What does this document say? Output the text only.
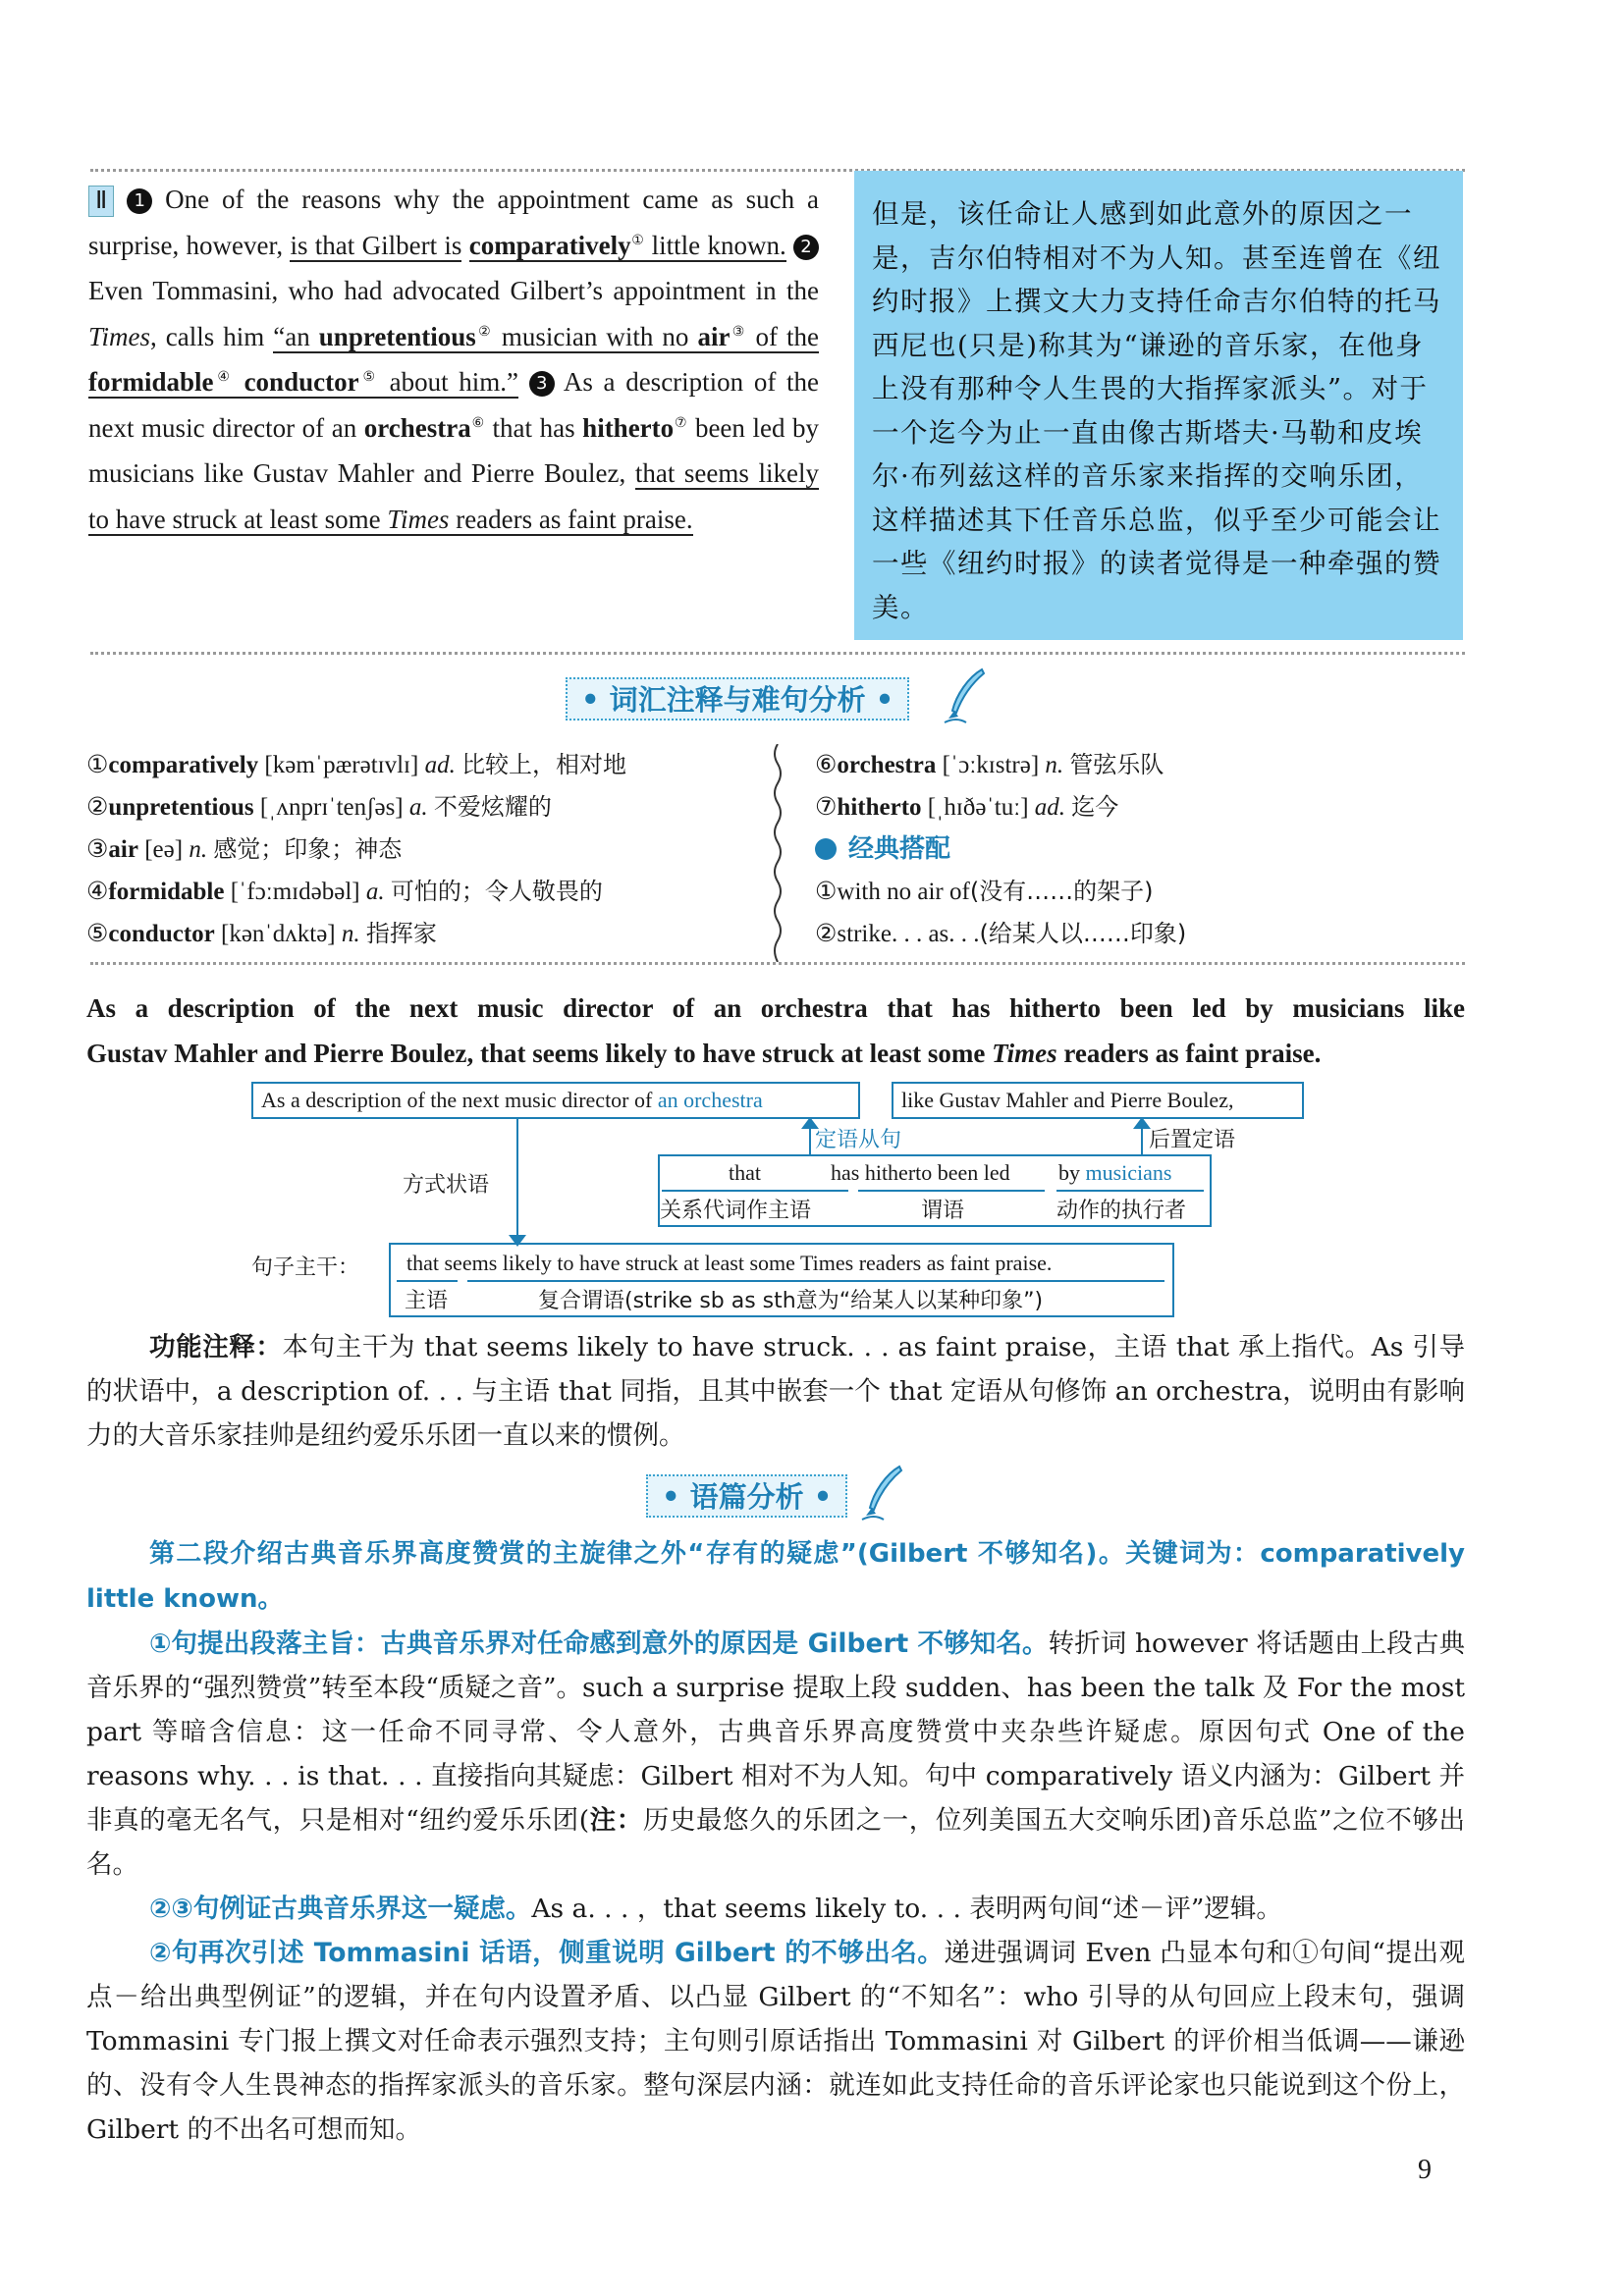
Ⅱ 1 One of the reasons why the appointment came as such a surprise, however, is that Gilbert is comparatively① little known. 2Even Tommasini, who had advocated Gilbert’s appointment in the Times, calls him “an unpretentious② musician with no air③ of the formidable④ conductor⑤ about him.” 3 As a description of the next music director of an orchestra⑥ that has hitherto⑦ been led by musicians like Gustav Mahler and Pierre Boulez, that seems likely to have struck at least some Times readers as faint praise.
但是，该任命让人感到如此意外的原因之一是，吉尔伯特相对不为人知。甚至连曾在《纽约时报》上撰文大力支持任命吉尔伯特的托马西尼也(只是)称其为“谦逊的音乐家，在他身上没有那种令人生畏的大指挥家派头”。对于一个迄今为止一直由像古斯塔夫·马勒和皮埃尔·布列兹这样的音乐家来指挥的交响乐团，这样描述其下任音乐总监，似乎至少可能会让一些《纽约时报》的读者觉得是一种牵强的赞美。
• 词汇注释与难句分析 •
①comparatively [kəmˈpærətɪvlɪ] ad. 比较上，相对地
②unpretentious [ˌʌnprɪˈtenʃəs] a. 不爱炫耀的
③air [eə] n. 感觉；印象；神态
④formidable [ˈfɔːmɪdəbəl] a. 可怕的；令人敬畏的
⑤conductor [kənˈdʌktə] n. 指挥家
⑥orchestra [ˈɔːkɪstrə] n. 管弦乐队
⑦hitherto [ˌhɪðəˈtuː] ad. 迄今
经典搭配
①with no air of(没有……的架子)
②strike. . . as. . .(给某人以……印象)
As a description of the next music director of an orchestra that has hitherto been led by musicians like
Gustav Mahler and Pierre Boulez, that seems likely to have struck at least some Times readers as faint praise.
As a description of the next music director of an orchestra	like Gustav Mahler and Pierre Boulez,
定语从句	后置定语
方式状语
that	has hitherto been led by musicians
关系代词作主语	谓语	动作的执行者
句子主干： that seems likely to have struck at least some Times readers as faint praise.
主语	复合谓语(strike sb as sth意为“给某人以某种印象”)
功能注释：本句主干为 that seems likely to have struck. . . as faint praise，主语 that 承上指代。As 引导的状语中，a description of. . . 与主语 that 同指，且其中嵌套一个 that 定语从句修饰 an orchestra，说明由有影响力的大音乐家挂帅是纽约爱乐乐团一直以来的惯例。
• 语篇分析 •
第二段介绍古典音乐界高度赞赏的主旋律之外“存有的疑虑”(Gilbert 不够知名)。关键词为：comparatively little known。
①句提出段落主旨：古典音乐界对任命感到意外的原因是 Gilbert 不够知名。转折词 however 将话题由上段古典音乐界的“强烈赞赏”转至本段“质疑之音”。such a surprise 提取上段 sudden、has been the talk 及 For the most part 等暗含信息：这一任命不同寻常、令人意外，古典音乐界高度赞赏中夹杂些许疑虑。原因句式 One of the reasons why. . . is that. . . 直接指向其疑虑：Gilbert 相对不为人知。句中 comparatively 语义内涵为：Gilbert 并非真的毫无名气，只是相对“纽约爱乐乐团(注：历史最悠久的乐团之一，位列美国五大交响乐团)音乐总监”之位不够出名。
②③句例证古典音乐界这一疑虑。As a. . . ，that seems likely to. . . 表明两句间“述－评”逻辑。
②句再次引述 Tommasini 话语，侧重说明 Gilbert 的不够出名。递进强调词 Even 凸显本句和①句间“提出观点－给出典型例证”的逻辑，并在句内设置矛盾、以凸显 Gilbert 的“不知名”：who 引导的从句回应上段末句，强调 Tommasini 专门报上撰文对任命表示强烈支持；主句则引原话指出 Tommasini 对 Gilbert 的评价相当低调——谦逊的、没有令人生畏神态的指挥家派头的音乐家。整句深层内涵：就连如此支持任命的音乐评论家也只能说到这个份上，Gilbert 的不出名可想而知。
9
